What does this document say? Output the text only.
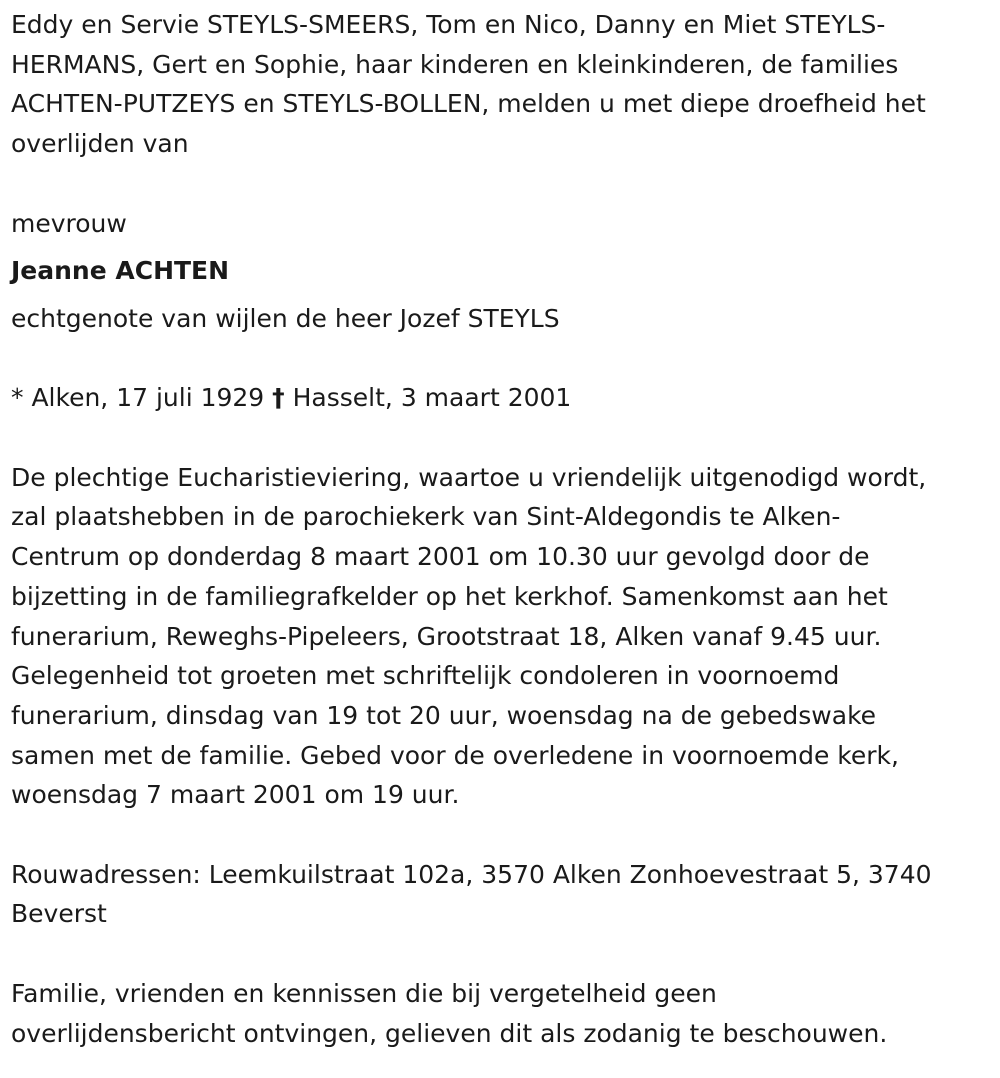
Eddy en Servie STEYLS-SMEERS, Tom en Nico, Danny en Miet STEYLS-
HERMANS, Gert en Sophie, haar kinderen en kleinkinderen, de families
ACHTEN-PUTZEYS en STEYLS-BOLLEN, melden u met diepe droefheid het
overlijden van
mevrouw
Jeanne ACHTEN
echtgenote van wijlen de heer Jozef STEYLS
* Alken, 17 juli 1929 † Hasselt, 3 maart 2001
De plechtige Eucharistieviering, waartoe u vriendelijk uitgenodigd wordt,
zal plaatshebben in de parochiekerk van Sint-Aldegondis te Alken-
Centrum op donderdag 8 maart 2001 om 10.30 uur gevolgd door de
bijzetting in de familiegrafkelder op het kerkhof. Samenkomst aan het
funerarium, Reweghs-Pipeleers, Grootstraat 18, Alken vanaf 9.45 uur.
Gelegenheid tot groeten met schriftelijk condoleren in voornoemd
funerarium, dinsdag van 19 tot 20 uur, woensdag na de gebedswake
samen met de familie. Gebed voor de overledene in voornoemde kerk,
woensdag 7 maart 2001 om 19 uur.
Rouwadressen: Leemkuilstraat 102a, 3570 Alken Zonhoevestraat 5, 3740
Beverst
Familie, vrienden en kennissen die bij vergetelheid geen
overlijdensbericht ontvingen, gelieven dit als zodanig te beschouwen.
